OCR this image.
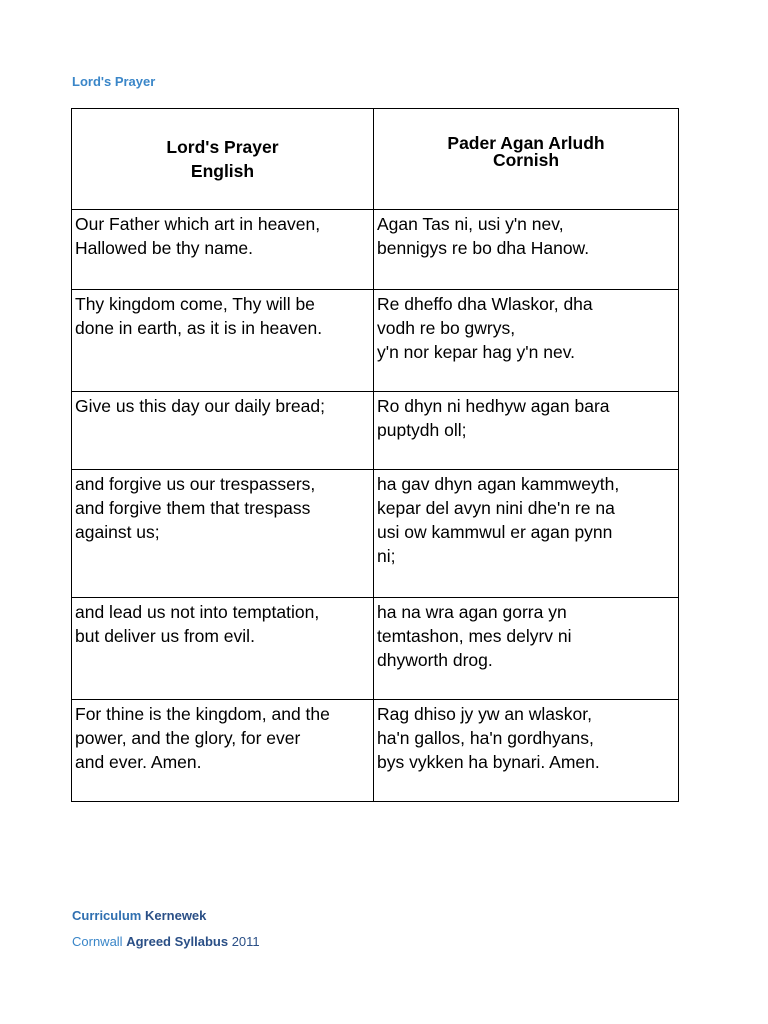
Lord's Prayer
Lord's Prayer
English	Pader Agan Arludh
Cornish

Our Father which art in heaven,
Hallowed be thy name.	Agan Tas ni, usi y'n nev,
bennigys re bo dha Hanow.

Thy kingdom come, Thy will be
done in earth, as it is in heaven.	Re dheffo dha Wlaskor, dha
vodh re bo gwrys,
y'n nor kepar hag y'n nev.

Give us this day our daily bread;	Ro dhyn ni hedhyw agan bara
puptydh oll;

and forgive us our trespassers,
and forgive them that trespass
against us;	ha gav dhyn agan kammweyth,
kepar del avyn nini dhe'n re na
usi ow kammwul er agan pynn
ni;

and lead us not into temptation,
but deliver us from evil.	ha na wra agan gorra yn
temtashon, mes delyrv ni
dhyworth drog.

For thine is the kingdom, and the
power, and the glory, for ever
and ever. Amen.	Rag dhiso jy yw an wlaskor,
ha'n gallos, ha'n gordhyans,
bys vykken ha bynari. Amen.
Curriculum Kernewek
Cornwall Agreed Syllabus 2011
